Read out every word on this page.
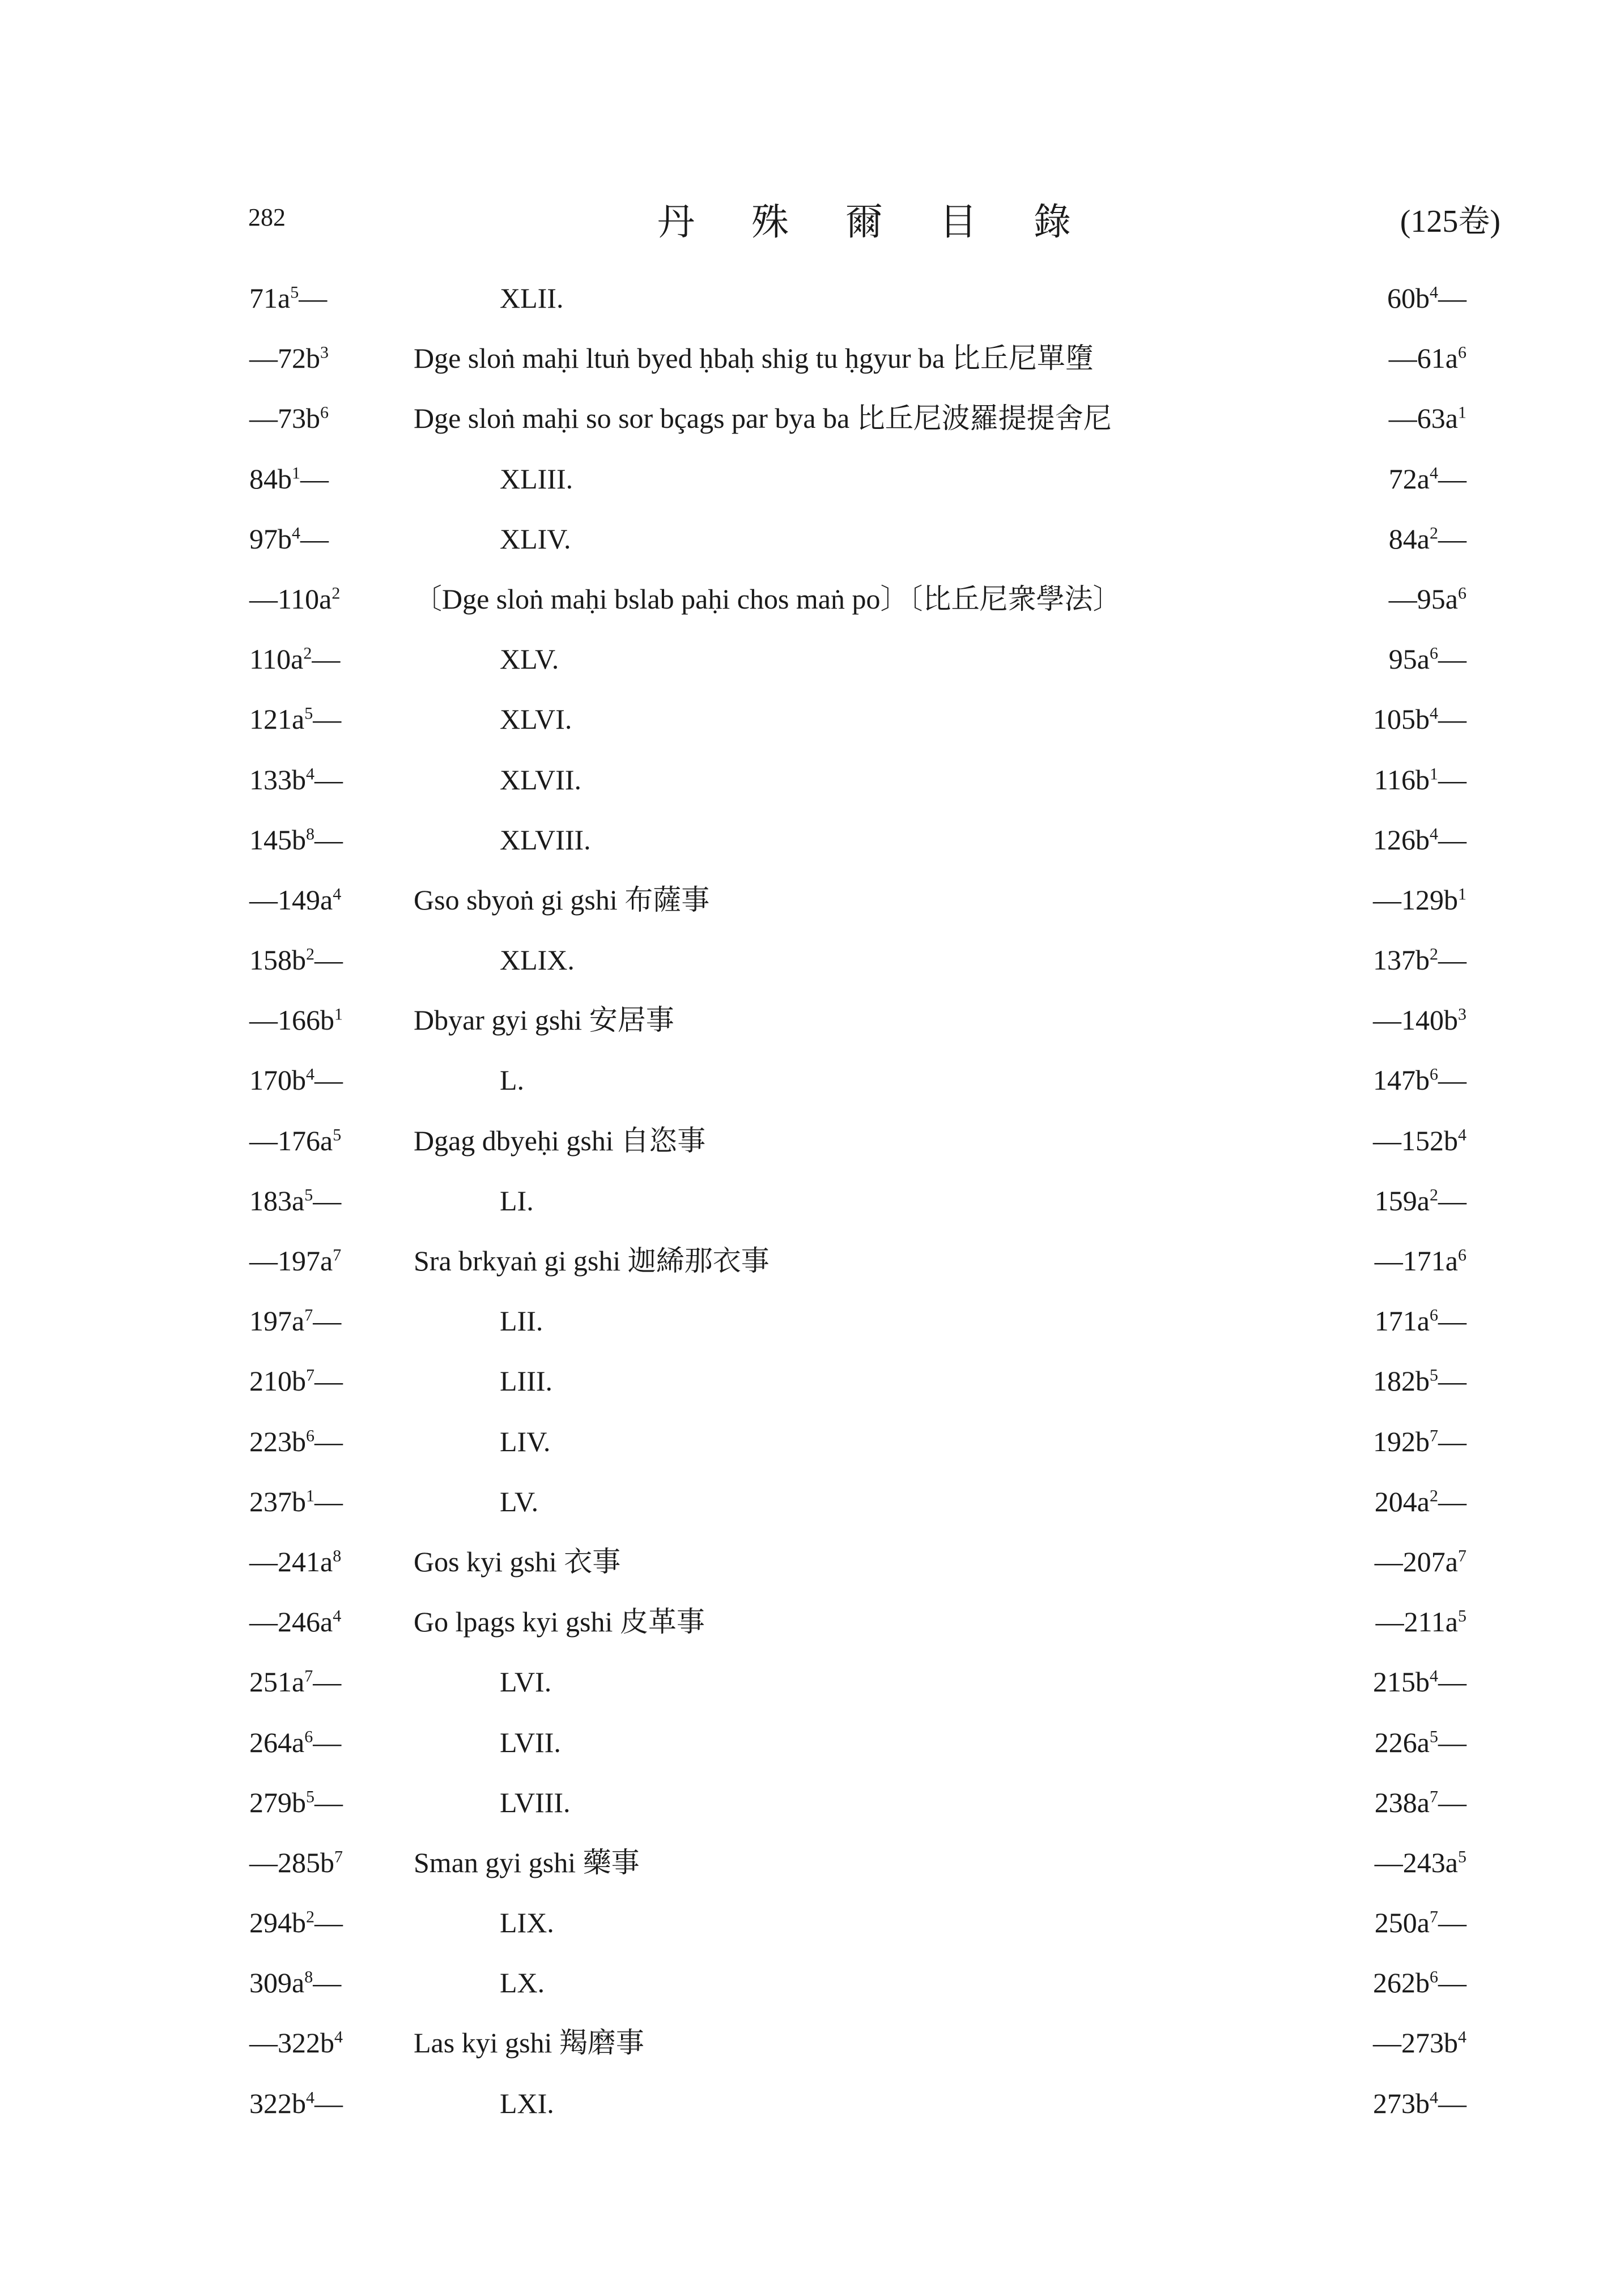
282	丹殊爾目錄	(125卷)
$71a^5—$	XLII.	$60b^4—$
$—72b^3$	Dge sloṅ maḥi ltuṅ byed ḥbaḥ shig tu ḥgyur ba 比丘尼單墮	$—61a^6$
$—73b^6$	Dge sloṅ maḥi so sor bçags par bya ba 比丘尼波羅提提舍尼	$—63a^1$
$84b^1—$	XLIII.	$72a^4—$
$97b^4—$	XLIV.	$84a^2—$
$—110a^2$	〔Dge sloṅ maḥi bslab paḥi chos maṅ po〕〔比丘尼衆學法〕	$—95a^6$
$110a^2—$	XLV.	$95a^6—$
$121a^5—$	XLVI.	$105b^4—$
$133b^4—$	XLVII.	$116b^1—$
$145b^8—$	XLVIII.	$126b^4—$
$—149a^4$	Gso sbyoṅ gi gshi 布薩事	$—129b^1$
$158b^2—$	XLIX.	$137b^2—$
$—166b^1$	Dbyar gyi gshi 安居事	$—140b^3$
$170b^4—$	L.	$147b^6—$
$—176a^5$	Dgag dbyeḥi gshi 自恣事	$—152b^4$
$183a^5—$	LI.	$159a^2—$
$—197a^7$	Sra brkyaṅ gi gshi 迦絺那衣事	$—171a^6$
$197a^7—$	LII.	$171a^6—$
$210b^7—$	LIII.	$182b^5—$
$223b^6—$	LIV.	$192b^7—$
$237b^1—$	LV.	$204a^2—$
$—241a^8$	Gos kyi gshi 衣事	$—207a^7$
$—246a^4$	Go lpags kyi gshi 皮革事	$—211a^5$
$251a^7—$	LVI.	$215b^4—$
$264a^6—$	LVII.	$226a^5—$
$279b^5—$	LVIII.	$238a^7—$
$—285b^7$	Sman gyi gshi 藥事	$—243a^5$
$294b^2—$	LIX.	$250a^7—$
$309a^8—$	LX.	$262b^6—$
$—322b^4$	Las kyi gshi 羯磨事	$—273b^4$
$322b^4—$	LXI.	$273b^4—$
